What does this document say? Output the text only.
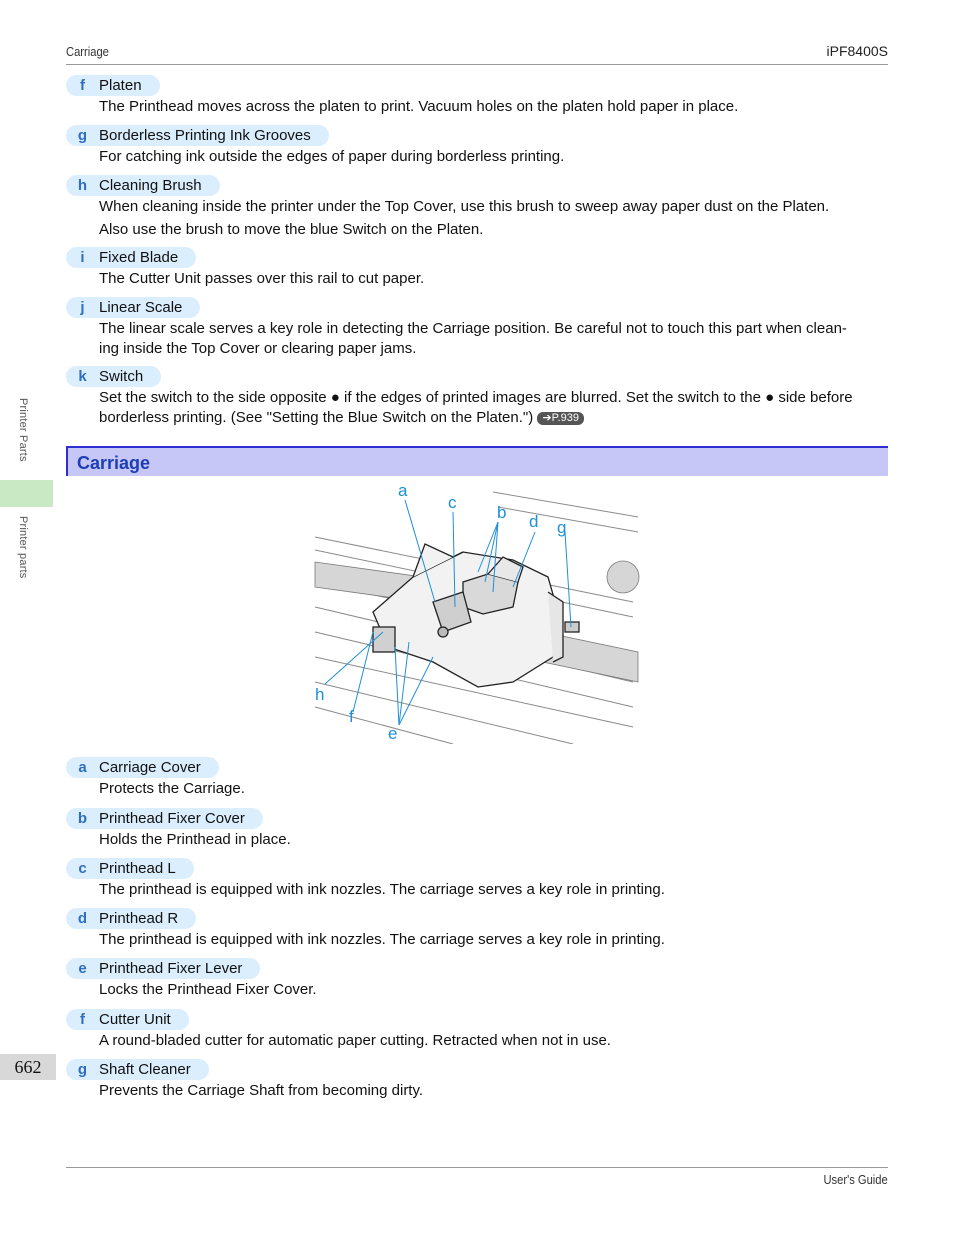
Carriage	iPF8400S
Printer Parts
Printer parts
f Platen

The Printhead moves across the platen to print. Vacuum holes on the platen hold paper in place.

g Borderless Printing Ink Grooves

For catching ink outside the edges of paper during borderless printing.

h Cleaning Brush

When cleaning inside the printer under the Top Cover, use this brush to sweep away paper dust on the Platen.

Also use the brush to move the blue Switch on the Platen.

i Fixed Blade

The Cutter Unit passes over this rail to cut paper.

j Linear Scale

The linear scale serves a key role in detecting the Carriage position. Be careful not to touch this part when clean-

ing inside the Top Cover or clearing paper jams.

k Switch

Set the switch to the side opposite ● if the edges of printed images are blurred. Set the switch to the ● side before

borderless printing. (See "Setting the Blue Switch on the Platen.") ➔P.939

Carriage
a
c
b d g
h
f
e
a Carriage Cover
Protects the Carriage.
b Printhead Fixer Cover
Holds the Printhead in place.
c Printhead L
The printhead is equipped with ink nozzles. The carriage serves a key role in printing.
d Printhead R
The printhead is equipped with ink nozzles. The carriage serves a key role in printing.
e Printhead Fixer Lever
Locks the Printhead Fixer Cover.
f Cutter Unit
A round-bladed cutter for automatic paper cutting. Retracted when not in use.
g Shaft Cleaner
Prevents the Carriage Shaft from becoming dirty.
662
User's Guide
